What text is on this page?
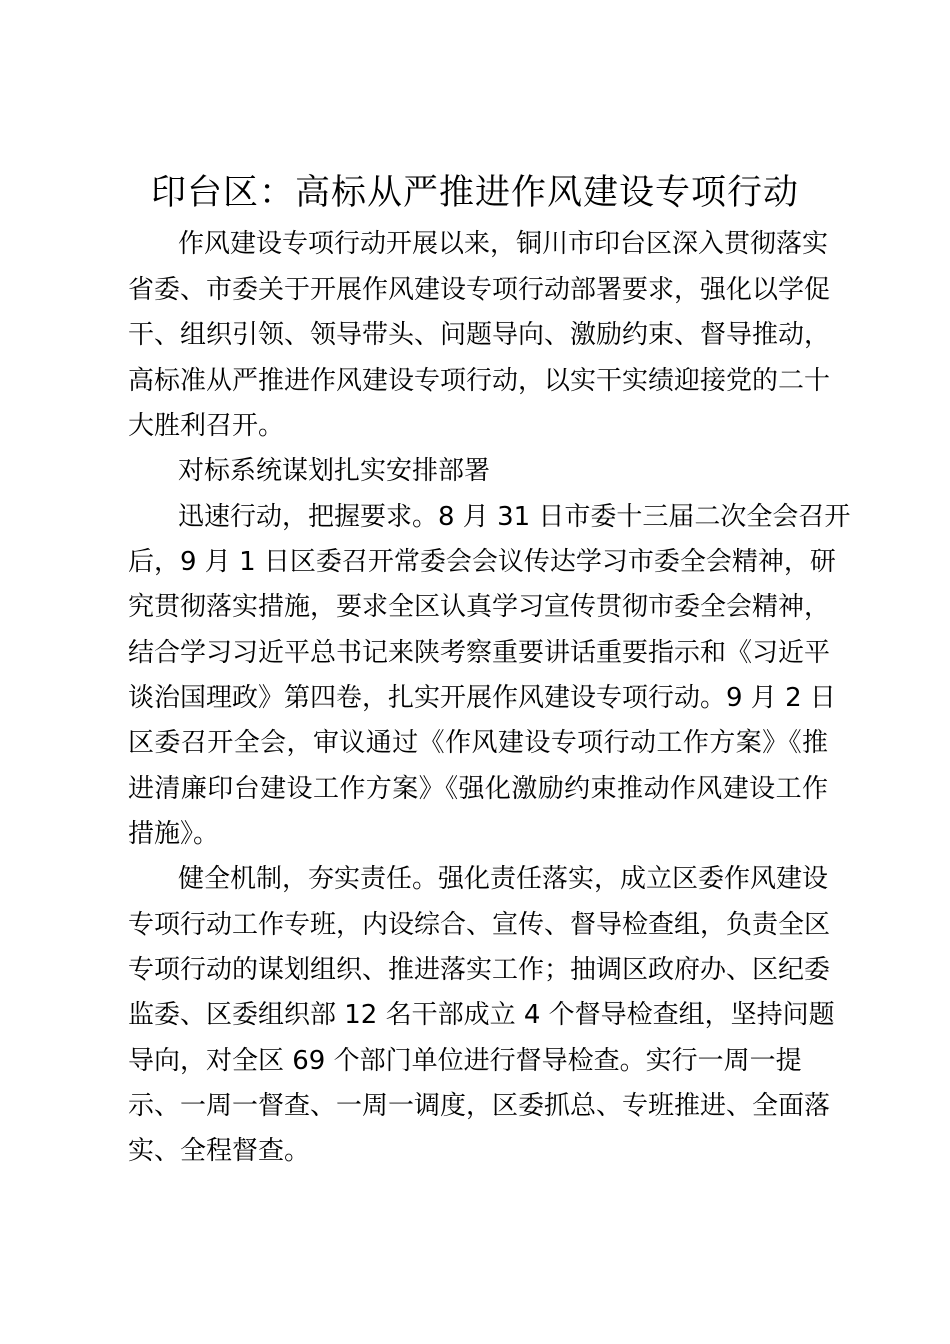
印台区：高标从严推进作风建设专项行动
作风建设专项行动开展以来，铜川市印台区深入贯彻落实
省委、市委关于开展作风建设专项行动部署要求，强化以学促
干、组织引领、领导带头、问题导向、激励约束、督导推动，
高标准从严推进作风建设专项行动，以实干实绩迎接党的二十
大胜利召开。
对标系统谋划扎实安排部署
迅速行动，把握要求。8 月 31 日市委十三届二次全会召开
后，9 月 1 日区委召开常委会会议传达学习市委全会精神，研
究贯彻落实措施，要求全区认真学习宣传贯彻市委全会精神，
结合学习习近平总书记来陕考察重要讲话重要指示和《习近平
谈治国理政》第四卷，扎实开展作风建设专项行动。9 月 2 日
区委召开全会，审议通过《作风建设专项行动工作方案》《推
进清廉印台建设工作方案》《强化激励约束推动作风建设工作
措施》。
健全机制，夯实责任。强化责任落实，成立区委作风建设
专项行动工作专班，内设综合、宣传、督导检查组，负责全区
专项行动的谋划组织、推进落实工作；抽调区政府办、区纪委
监委、区委组织部 12 名干部成立 4 个督导检查组，坚持问题
导向，对全区 69 个部门单位进行督导检查。实行一周一提
示、一周一督查、一周一调度，区委抓总、专班推进、全面落
实、全程督查。
